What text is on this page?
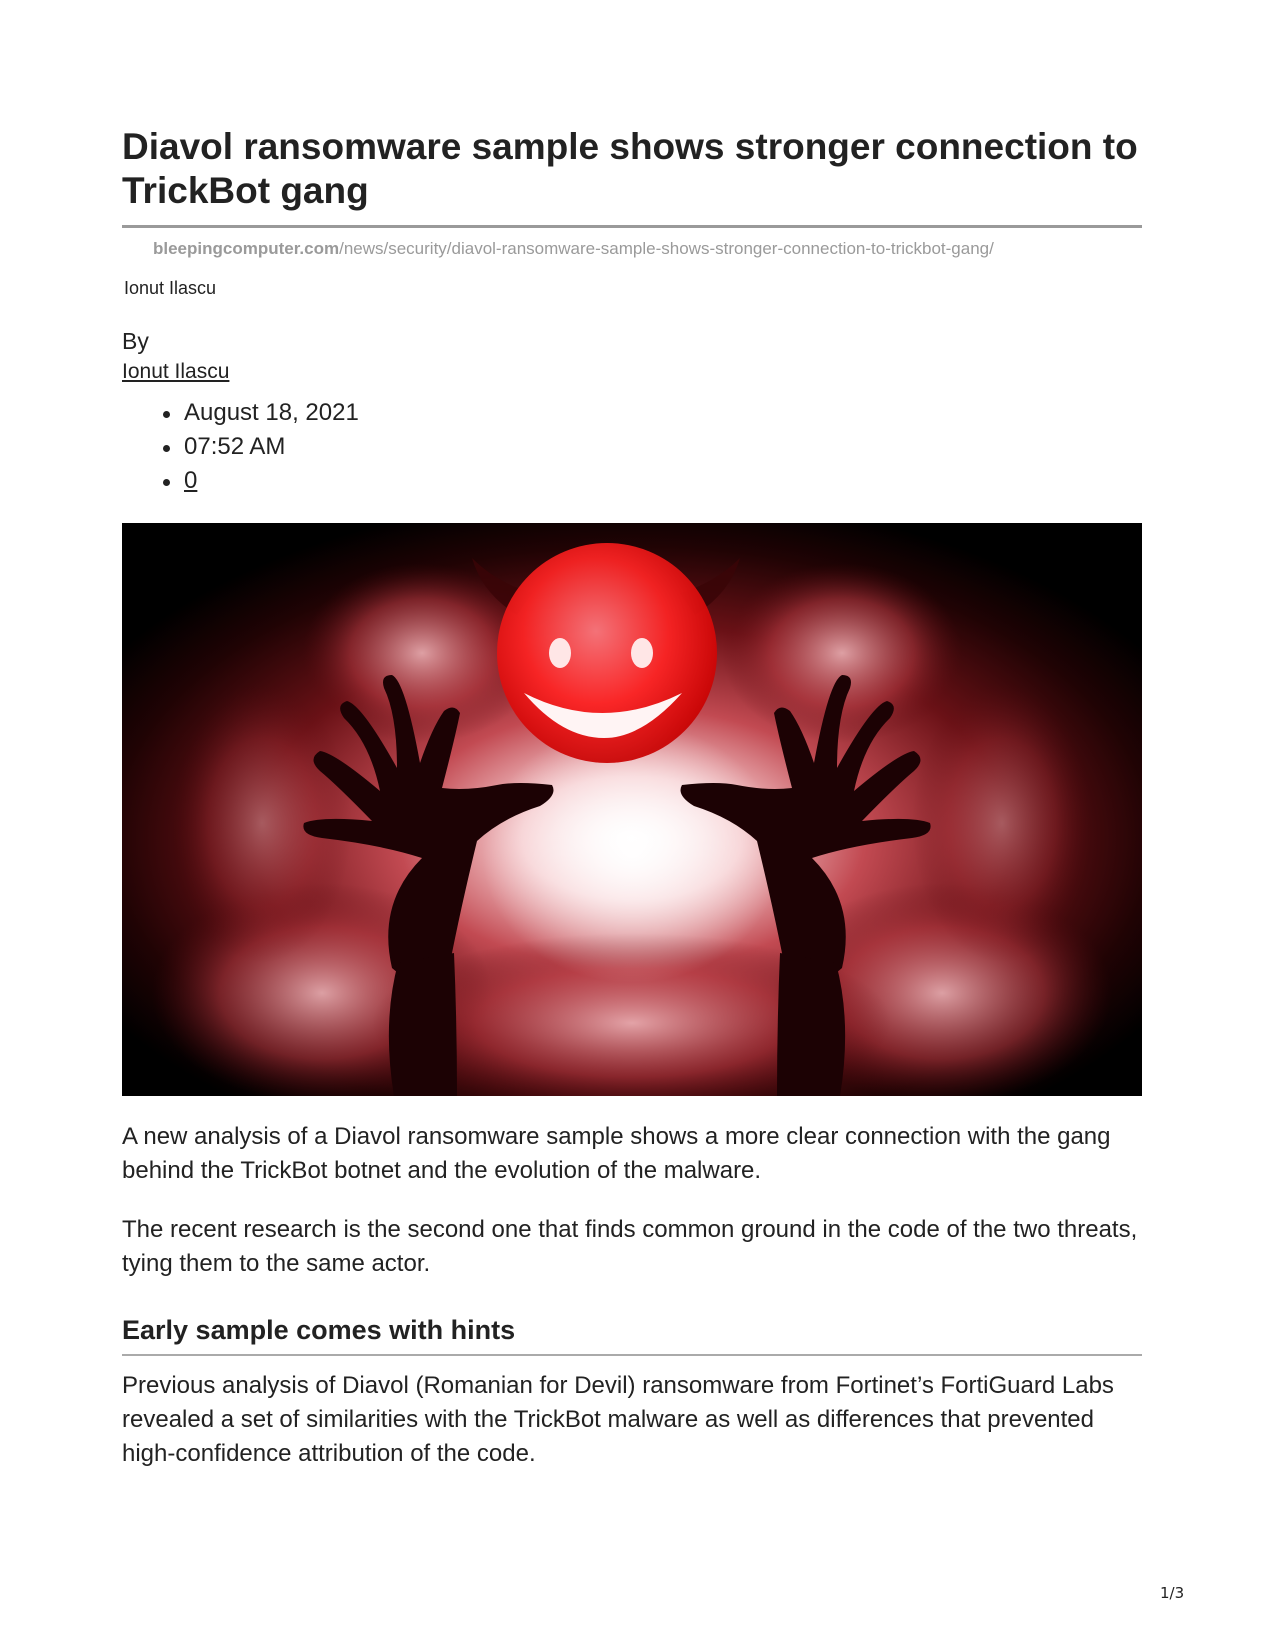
Diavol ransomware sample shows stronger connection to TrickBot gang
bleepingcomputer.com/news/security/diavol-ransomware-sample-shows-stronger-connection-to-trickbot-gang/
Ionut Ilascu
By
Ionut Ilascu
August 18, 2021
07:52 AM
0

A new analysis of a Diavol ransomware sample shows a more clear connection with the gang behind the TrickBot botnet and the evolution of the malware.

The recent research is the second one that finds common ground in the code of the two threats, tying them to the same actor.

Early sample comes with hints

Previous analysis of Diavol (Romanian for Devil) ransomware from Fortinet’s FortiGuard Labs revealed a set of similarities with the TrickBot malware as well as differences that prevented high-confidence attribution of the code.

1/3
